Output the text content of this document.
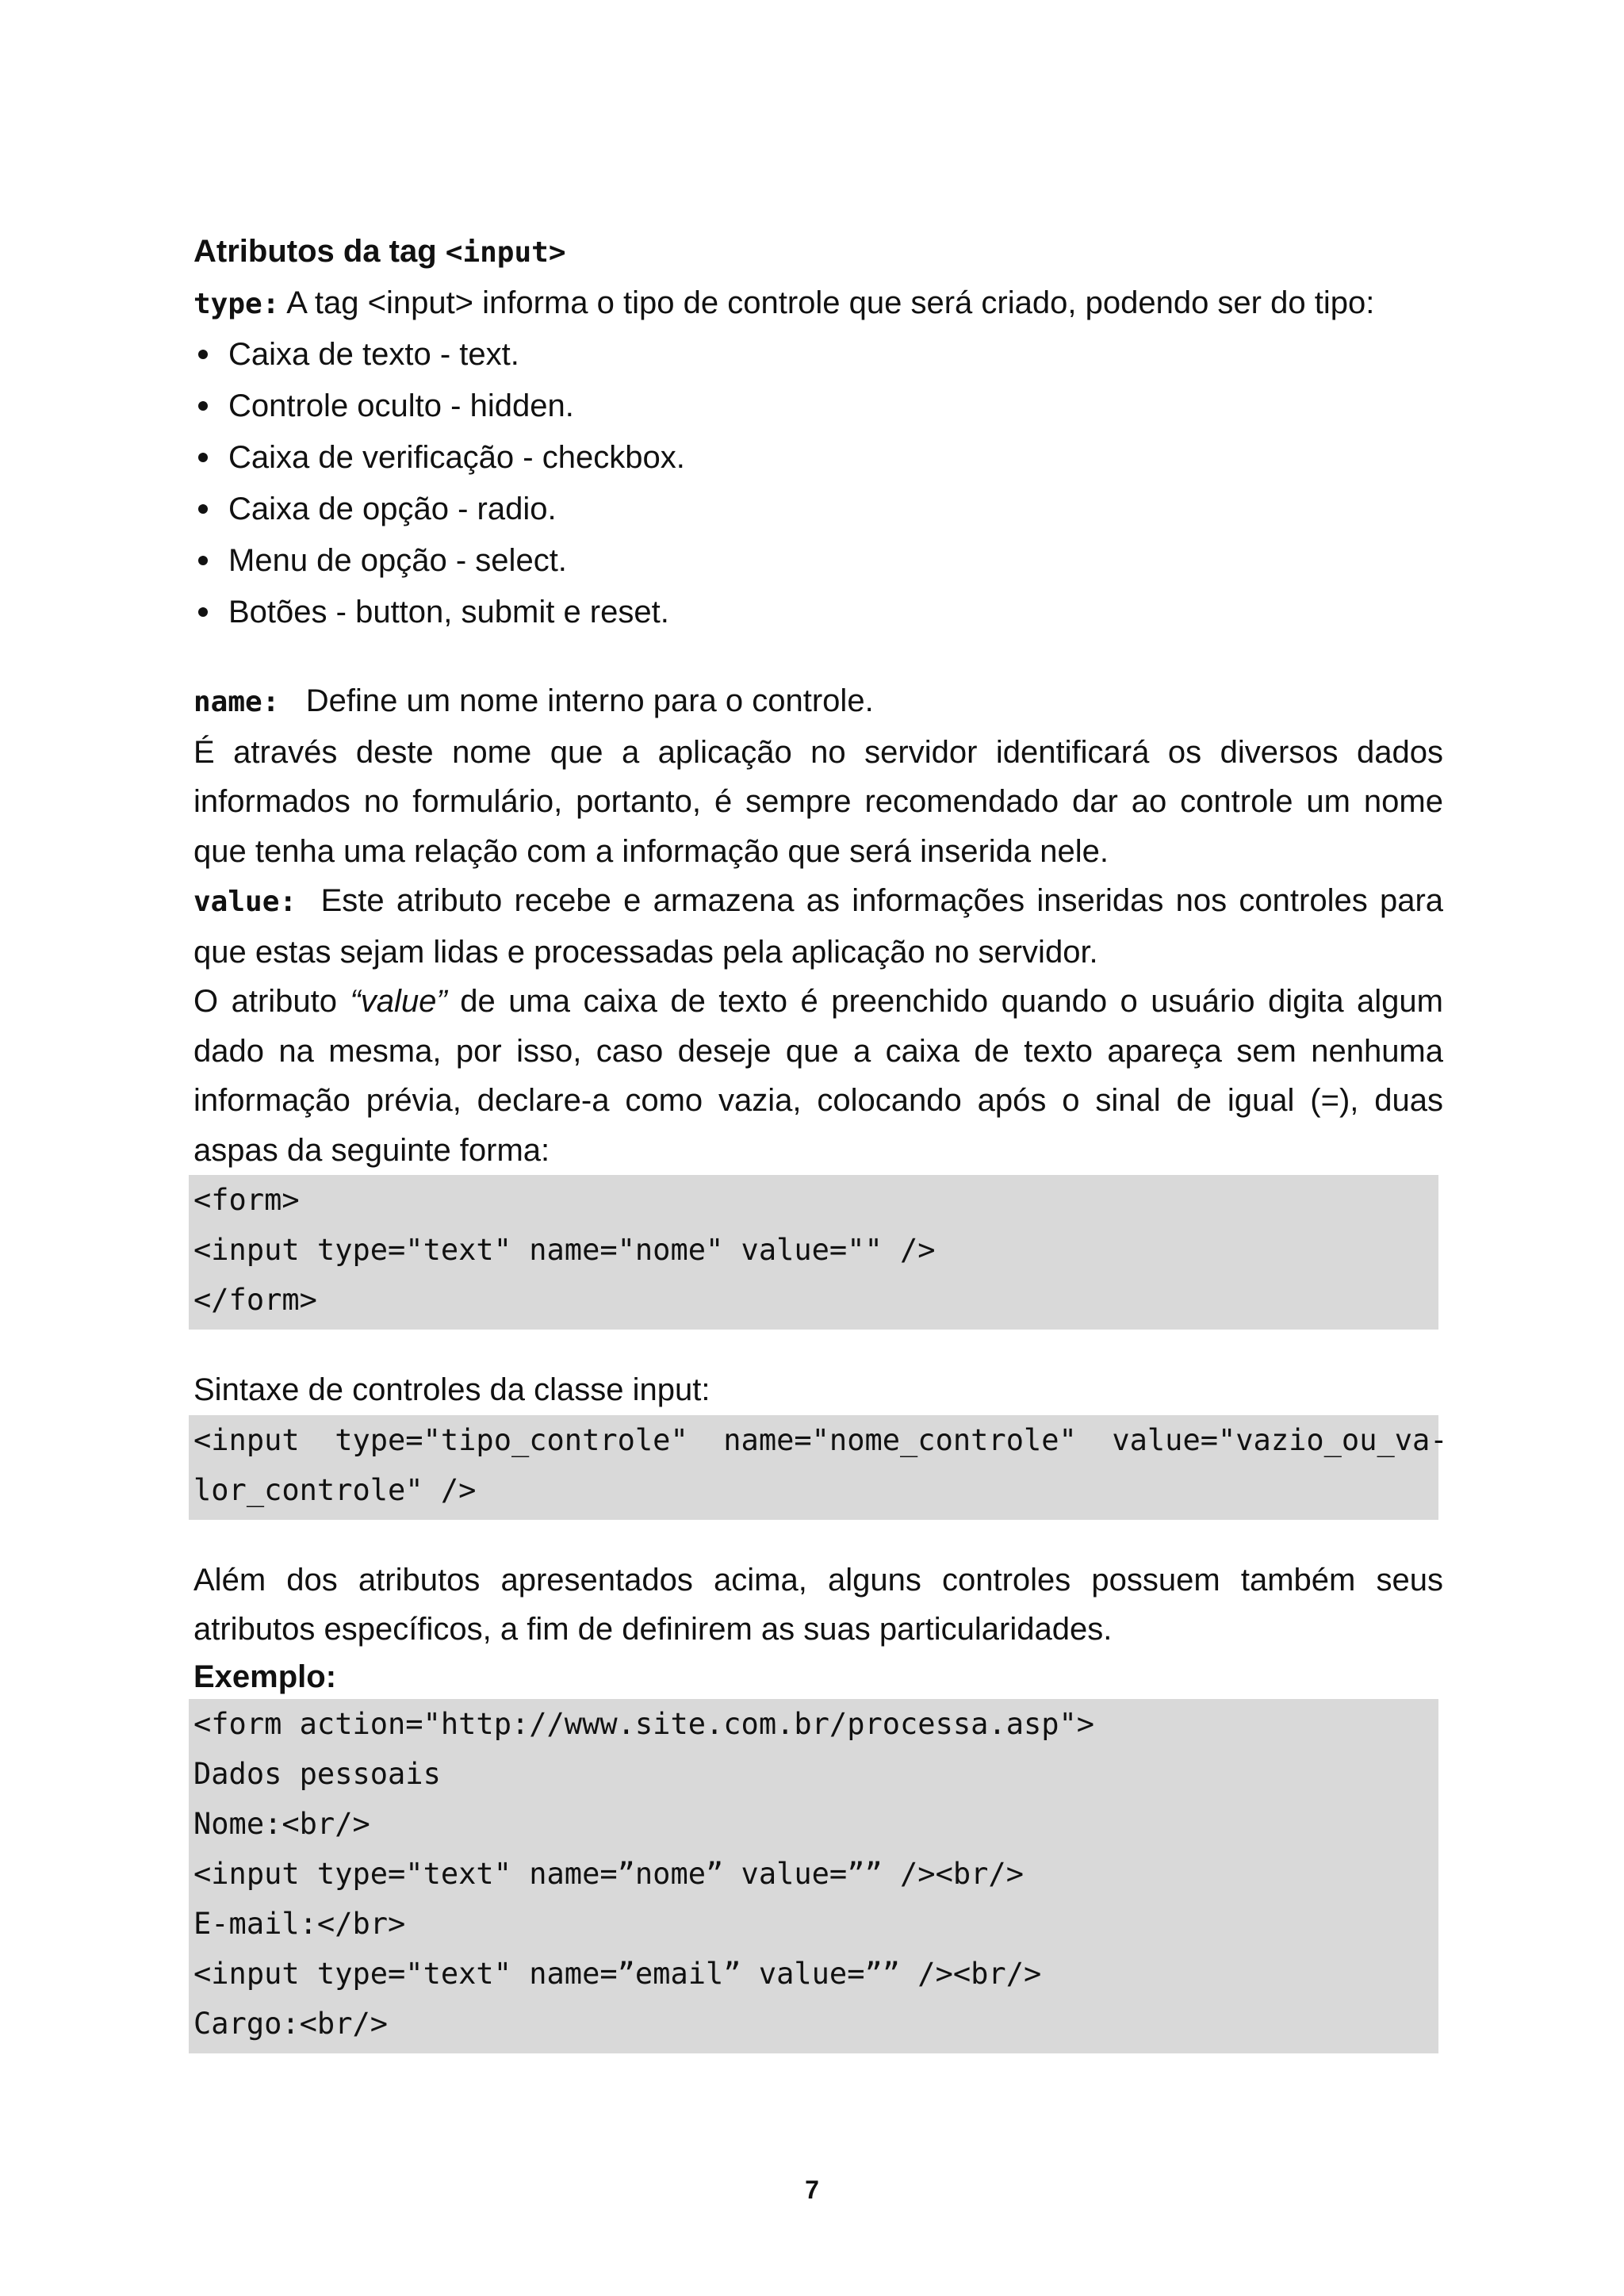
Atributos da tag <input>

type: A tag <input> informa o tipo de controle que será criado, podendo ser do tipo:

Caixa de texto - text.
Controle oculto - hidden.
Caixa de verificação - checkbox.
Caixa de opção - radio.
Menu de opção - select.
Botões - button, submit e reset.

name: Define um nome interno para o controle.

É através deste nome que a aplicação no servidor identificará os diversos dados informados no formulário, portanto, é sempre recomendado dar ao controle um nome que tenha uma relação com a informação que será inserida nele.

value: Este atributo recebe e armazena as informações inseridas nos controles para que estas sejam lidas e processadas pela aplicação no servidor.

O atributo “value” de uma caixa de texto é preenchido quando o usuário digita algum dado na mesma, por isso, caso deseje que a caixa de texto apareça sem nenhuma informação prévia, declare-a como vazia, colocando após o sinal de igual (=), duas aspas da seguinte forma:

<form>

<input type="text" name="nome" value="" />

</form>

Sintaxe de controles da classe input:

<input  type="tipo_controle"  name="nome_controle"  value="vazio_ou_va-

lor_controle" />

Além dos atributos apresentados acima, alguns controles possuem também seus atributos específicos, a fim de definirem as suas particularidades.

Exemplo:

<form action="http://www.site.com.br/processa.asp">

Dados pessoais

Nome:<br/>

<input type="text" name=”nome” value=”” /><br/>

E-mail:</br>

<input type="text" name=”email” value=”” /><br/>

Cargo:<br/>

7
